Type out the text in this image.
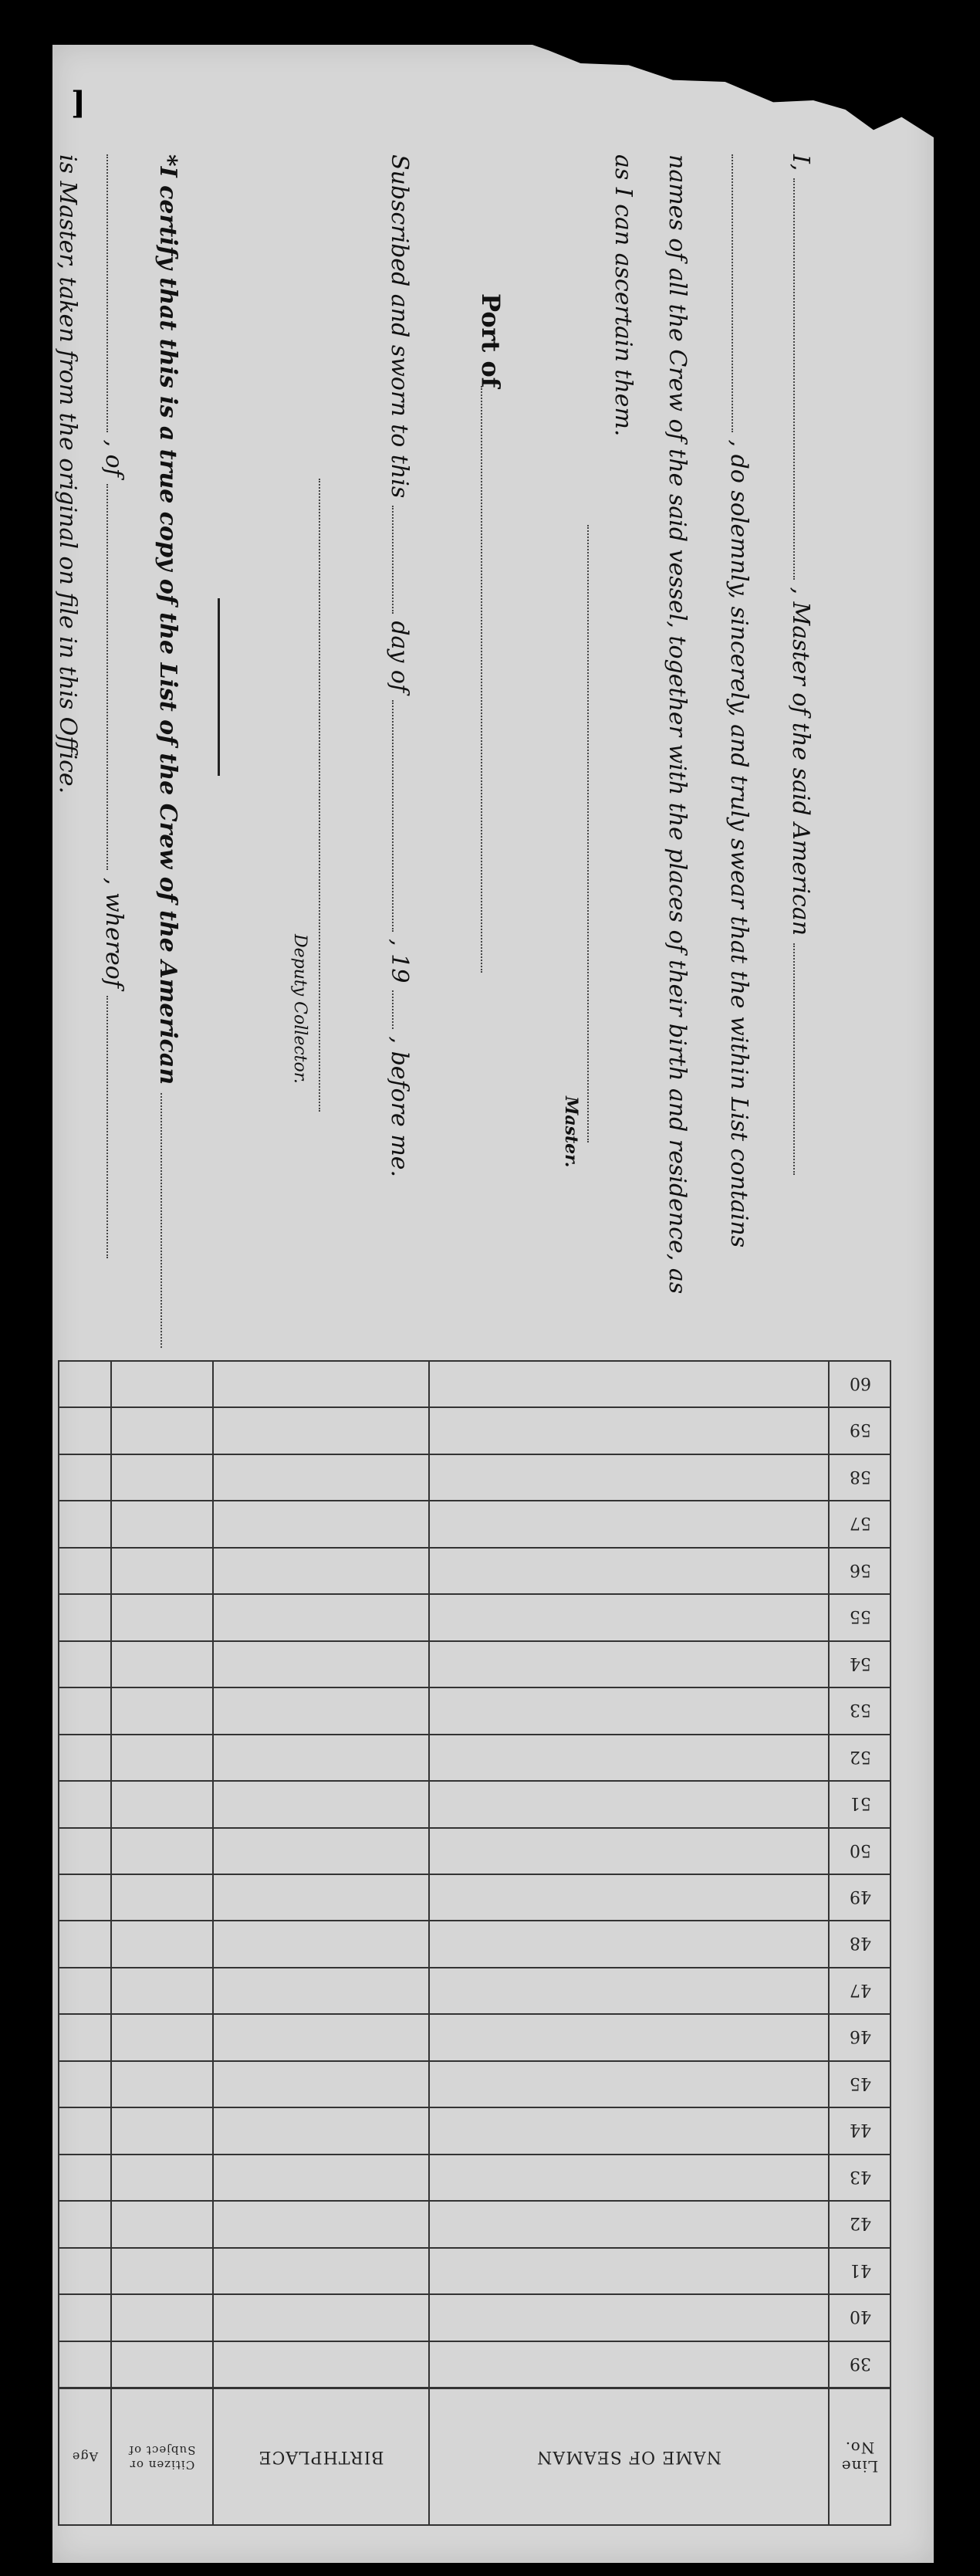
]
I,  , Master of the said American
, do solemnly, sincerely, and truly swear that the within List contains
names of all the Crew of the said vessel, together with the places of their birth and residence, as
as I can ascertain them.
Master.
Port of
Subscribed and sworn to this  day of  , 19  , before me.
Deputy Collector.
*I certify that this is a true copy of the List of the Crew of the American
, of  , whereof
is Master, taken from the original on file in this Office.
60
59
58
57
56
55
54
53
52
51
50
49
48
47
46
45
44
43
42
41
40
39
Line No.
NAME OF SEAMAN
BIRTHPLACE
Citizen or Subject of
Age
